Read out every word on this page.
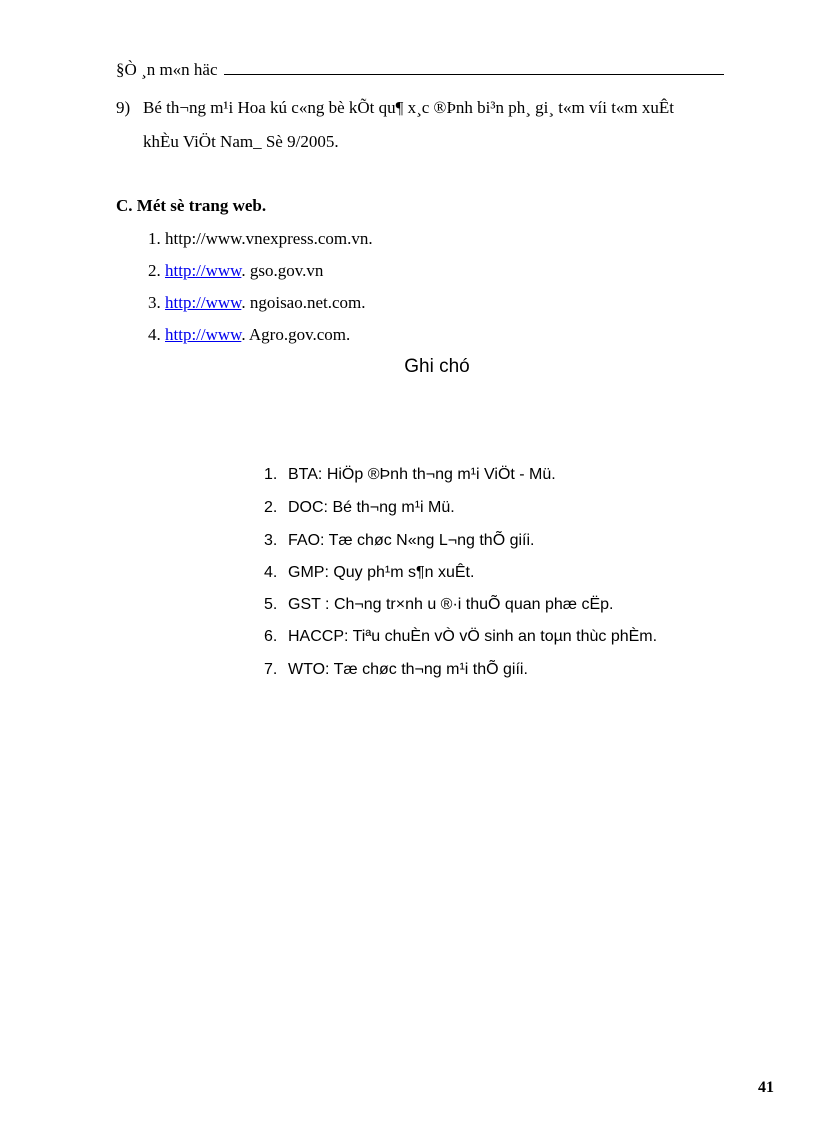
§Ò ¸n m«n häc
9) Bé th¬ng m¹i Hoa kú c«ng bè kÕt qu¶ x¸c ®Þnh bi³n ph¸ gi¸ t«m víi t«m xuÊt
khÈu ViÖt Nam_ Sè 9/2005.
C. Mét sè trang web.
1. http://www.vnexpress.com.vn.
2. http://www. gso.gov.vn
3. http://www. ngoisao.net.com.
4. http://www. Agro.gov.com.
Ghi chó
1. BTA: HiÖp ®Þnh th¬ng m¹i ViÖt - Mü.
2. DOC: Bé th¬ng m¹i Mü.
3. FAO: Tæ chøc N«ng L¬ng thÕ giíi.
4. GMP: Quy ph¹m s¶n xuÊt.
5. GST : Ch¬ng tr×nh u ®·i thuÕ quan phæ cËp.
6. HACCP: Tiªu chuÈn vÒ vÖ sinh an toµn thùc phÈm.
7. WTO: Tæ chøc th¬ng m¹i thÕ giíi.
41
